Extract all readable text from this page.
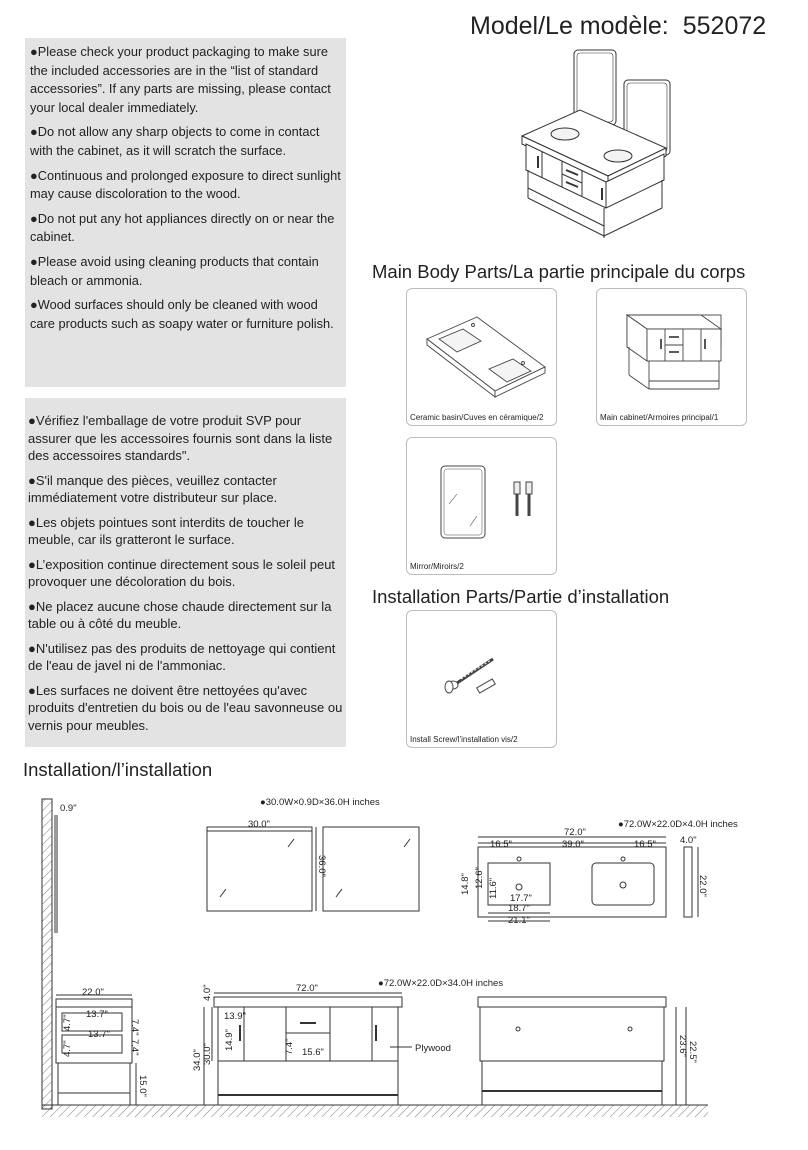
Model/Le modèle: 552072

●Please check your product packaging to make sure the included accessories are in the “list of standard accessories”. If any parts are missing, please contact your local dealer immediately.

●Do not allow any sharp objects to come in contact with the cabinet, as it will scratch the surface.

●Continuous and prolonged exposure to direct sunlight may cause discoloration to the wood.

●Do not put any hot appliances directly on or near the cabinet.

●Please avoid using cleaning products that contain bleach or ammonia.

●Wood surfaces should only be cleaned with wood care products such as soapy water or furniture polish.

●Vérifiez l'emballage de votre produit SVP pour assurer que les accessoires fournis sont dans la liste des accessoires standards".

●S'il manque des pièces, veuillez contacter immédiatement votre distributeur sur place.

●Les objets pointues sont interdits de toucher le meuble, car ils gratteront le surface.

●L’exposition continue directement sous le soleil peut provoquer une décoloration du bois.

●Ne placez aucune chose chaude directement sur la table ou à côté du meuble.

●N'utilisez pas des produits de nettoyage qui contient de l'eau de javel ni de l'ammoniac.

●Les surfaces ne doivent être nettoyées qu'avec produits d'entretien du bois ou de l'eau savonneuse ou vernis pour meubles.

Main Body Parts/La partie principale du corps
Ceramic basin/Cuves en céramique/2	Main cabinet/Armoires principal/1
Mirror/Miroirs/2
Installation Parts/Partie d’installation
Install Screw/l’installation vis/2
Installation/l’installation
0.9"
●30.0W×0.9D×36.0H inches
30.0"
36.0"
●72.0W×22.0D×4.0H inches
72.0"
16.5"	39.0"	16.5"	4.0"
22.0"
14.8" 12.6" 11.6" 17.7"
18.7"
21.1"
●72.0W×22.0D×34.0H inches
72.0"
4.0"
13.9"
14.9"
30.0"
34.0"
7.4" 15.6"	Plywood
22.0"
13.7"
13.7"
4.7"
4.7"
7.4"
7.4"
15.0"
23.6" 22.5"
